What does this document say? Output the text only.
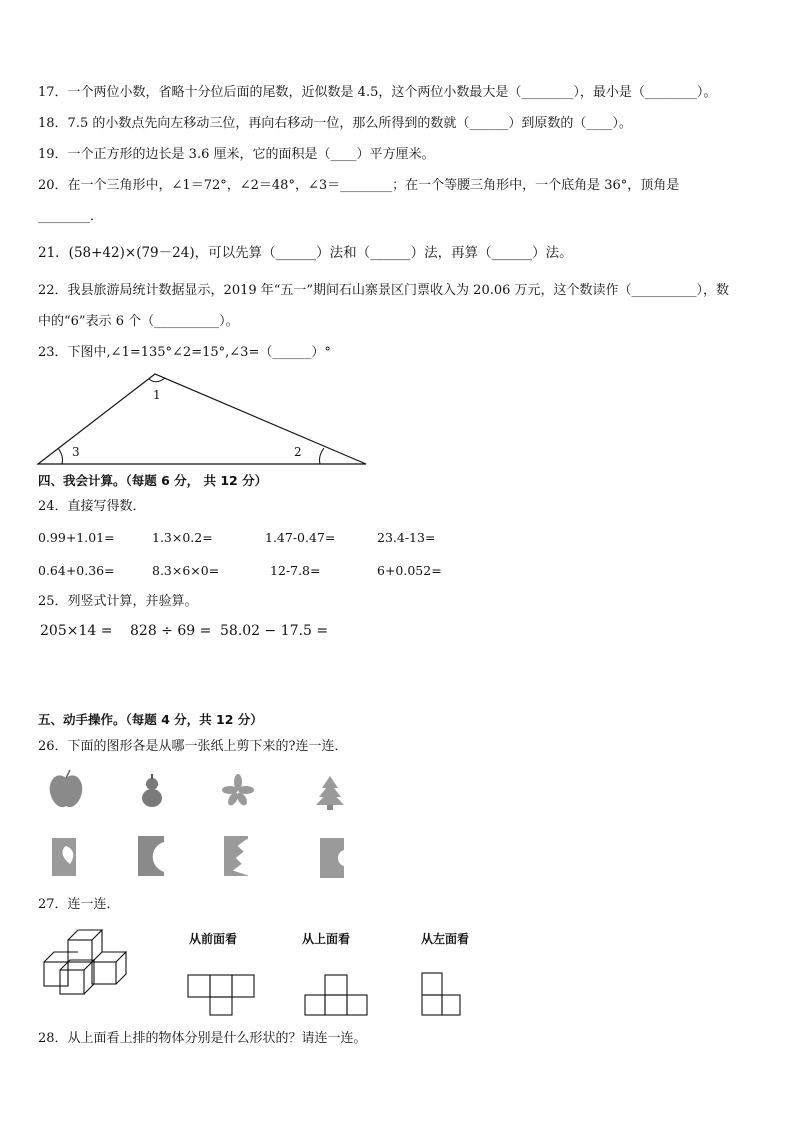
17．一个两位小数，省略十分位后面的尾数，近似数是 4.5，这个两位小数最大是（________），最小是（________）。
18．7.5 的小数点先向左移动三位，再向右移动一位，那么所得到的数就（______）到原数的（____）。
19．一个正方形的边长是 3.6 厘米，它的面积是（____）平方厘米。
20．在一个三角形中，∠1＝72°，∠2＝48°，∠3＝________；在一个等腰三角形中，一个底角是 36°，顶角是
________．
21．(58+42)×(79－24)，可以先算（______）法和（______）法，再算（______）法。
22．我县旅游局统计数据显示，2019 年“五一”期间石山寨景区门票收入为 20.06 万元，这个数读作（__________），数
中的“6”表示 6 个（__________）。
23．下图中,∠1=135°∠2=15°,∠3=（______）°
1
3	2
四、我会计算。（每题 6 分， 共 12 分）
24．直接写得数．
0.99+1.01=	1.3×0.2=	1.47-0.47=	23.4-13=
0.64+0.36=	8.3×6×0=	12-7.8=	6+0.052=
25．列竖式计算，并验算。
205×14 = 828 ÷ 69 = 58.02 − 17.5 =
五、动手操作。（每题 4 分，共 12 分）
26．下面的图形各是从哪一张纸上剪下来的?连一连．
27．连一连．
从前面看	从上面看	从左面看
28．从上面看上排的物体分别是什么形状的？请连一连。
